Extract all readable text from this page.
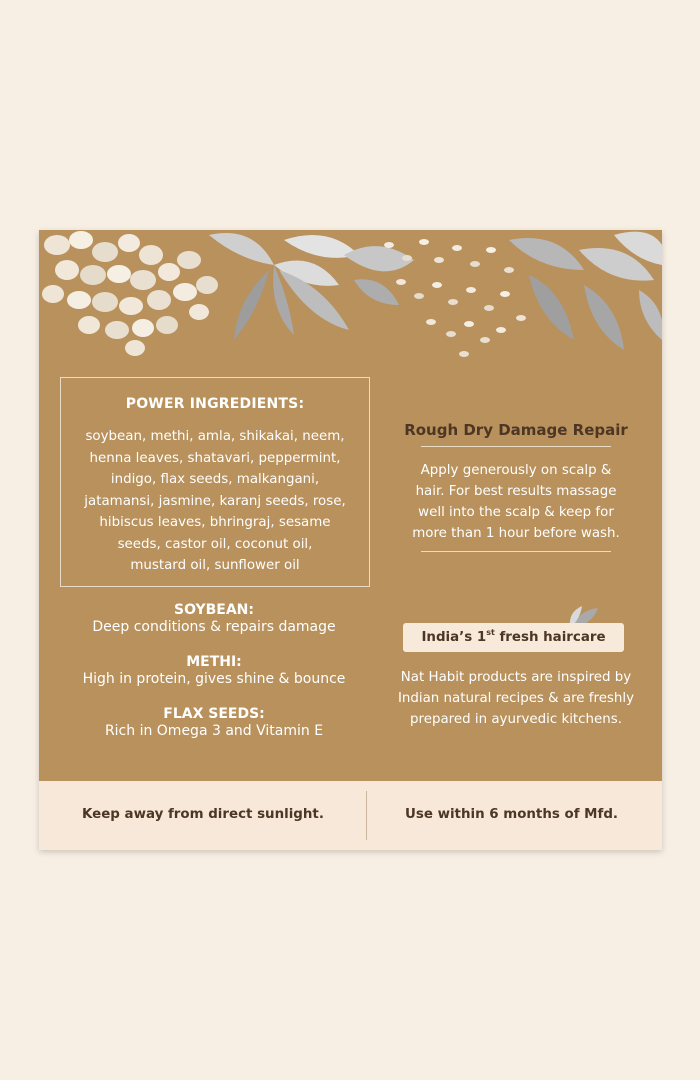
POWER INGREDIENTS:
soybean, methi, amla, shikakai, neem,
henna leaves, shatavari, peppermint,
indigo, flax seeds, malkangani,
jatamansi, jasmine, karanj seeds, rose,
hibiscus leaves, bhringraj, sesame
seeds, castor oil, coconut oil,
mustard oil, sunflower oil
SOYBEAN:
Deep conditions & repairs damage
METHI:
High in protein, gives shine & bounce
FLAX SEEDS:
Rich in Omega 3 and Vitamin E
Rough Dry Damage Repair
Apply generously on scalp &
hair. For best results massage
well into the scalp & keep for
more than 1 hour before wash.
India’s 1st fresh haircare
Nat Habit products are inspired by
Indian natural recipes & are freshly
prepared in ayurvedic kitchens.
Keep away from direct sunlight.	Use within 6 months of Mfd.
